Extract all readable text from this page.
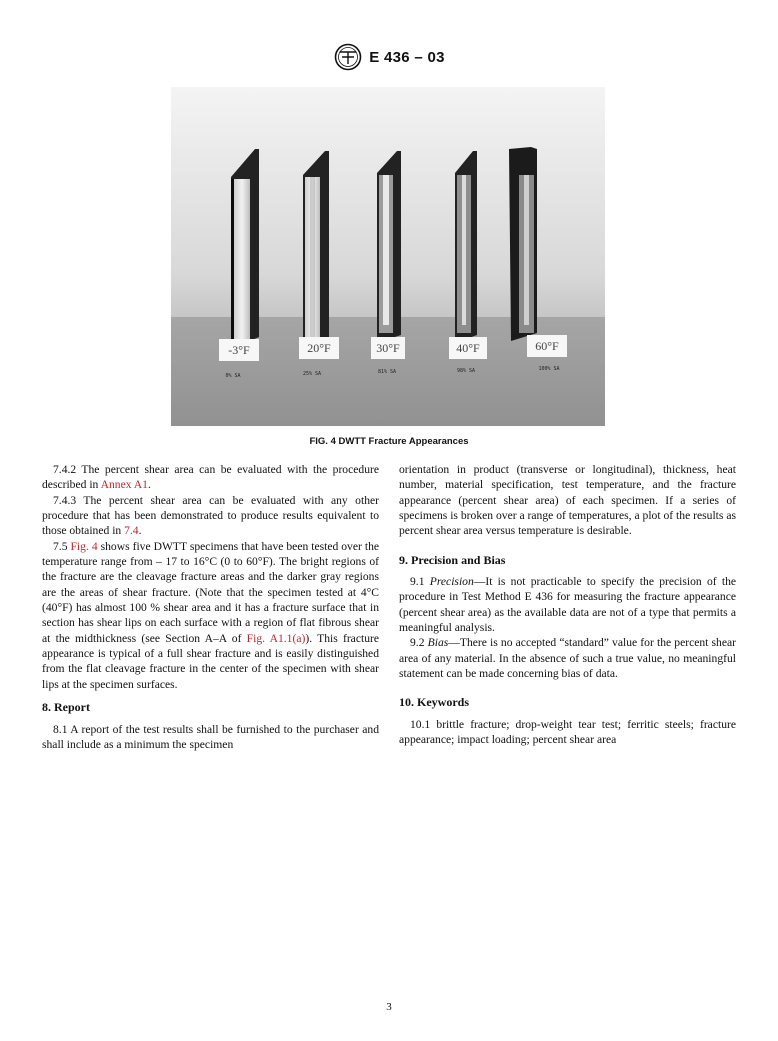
E 436 – 03
-3°F	20°F	30°F	40°F	60°F
0% SA	25% SA	81% SA	98% SA	100% SA
FIG. 4 DWTT Fracture Appearances

7.4.2 The percent shear area can be evaluated with the procedure described in Annex A1.

7.4.3 The percent shear area can be evaluated with any other procedure that has been demonstrated to produce results equivalent to those obtained in 7.4.

7.5 Fig. 4 shows five DWTT specimens that have been tested over the temperature range from – 17 to 16°C (0 to 60°F). The bright regions of the fracture are the cleavage fracture areas and the darker gray regions are the areas of shear fracture. (Note that the specimen tested at 4°C (40°F) has almost 100 % shear area and it has a fracture surface that in section has shear lips on each surface with a region of flat fibrous shear at the midthickness (see Section A–A of Fig. A1.1(a)). This fracture appearance is typical of a full shear fracture and is easily distinguished from the flat cleavage fracture in the center of the specimen with shear lips at the specimen surfaces.

8. Report

8.1 A report of the test results shall be furnished to the purchaser and shall include as a minimum the specimen

orientation in product (transverse or longitudinal), thickness, heat number, material specification, test temperature, and the fracture appearance (percent shear area) of each specimen. If a series of specimens is broken over a range of temperatures, a plot of the results as percent shear area versus temperature is desirable.

9. Precision and Bias

9.1 Precision—It is not practicable to specify the precision of the procedure in Test Method E 436 for measuring the fracture appearance (percent shear area) as the available data are not of a type that permits a meaningful analysis.

9.2 Bias—There is no accepted “standard” value for the percent shear area of any material. In the absence of such a true value, no meaningful statement can be made concerning bias of data.

10. Keywords

10.1 brittle fracture; drop-weight tear test; ferritic steels; fracture appearance; impact loading; percent shear area

3
